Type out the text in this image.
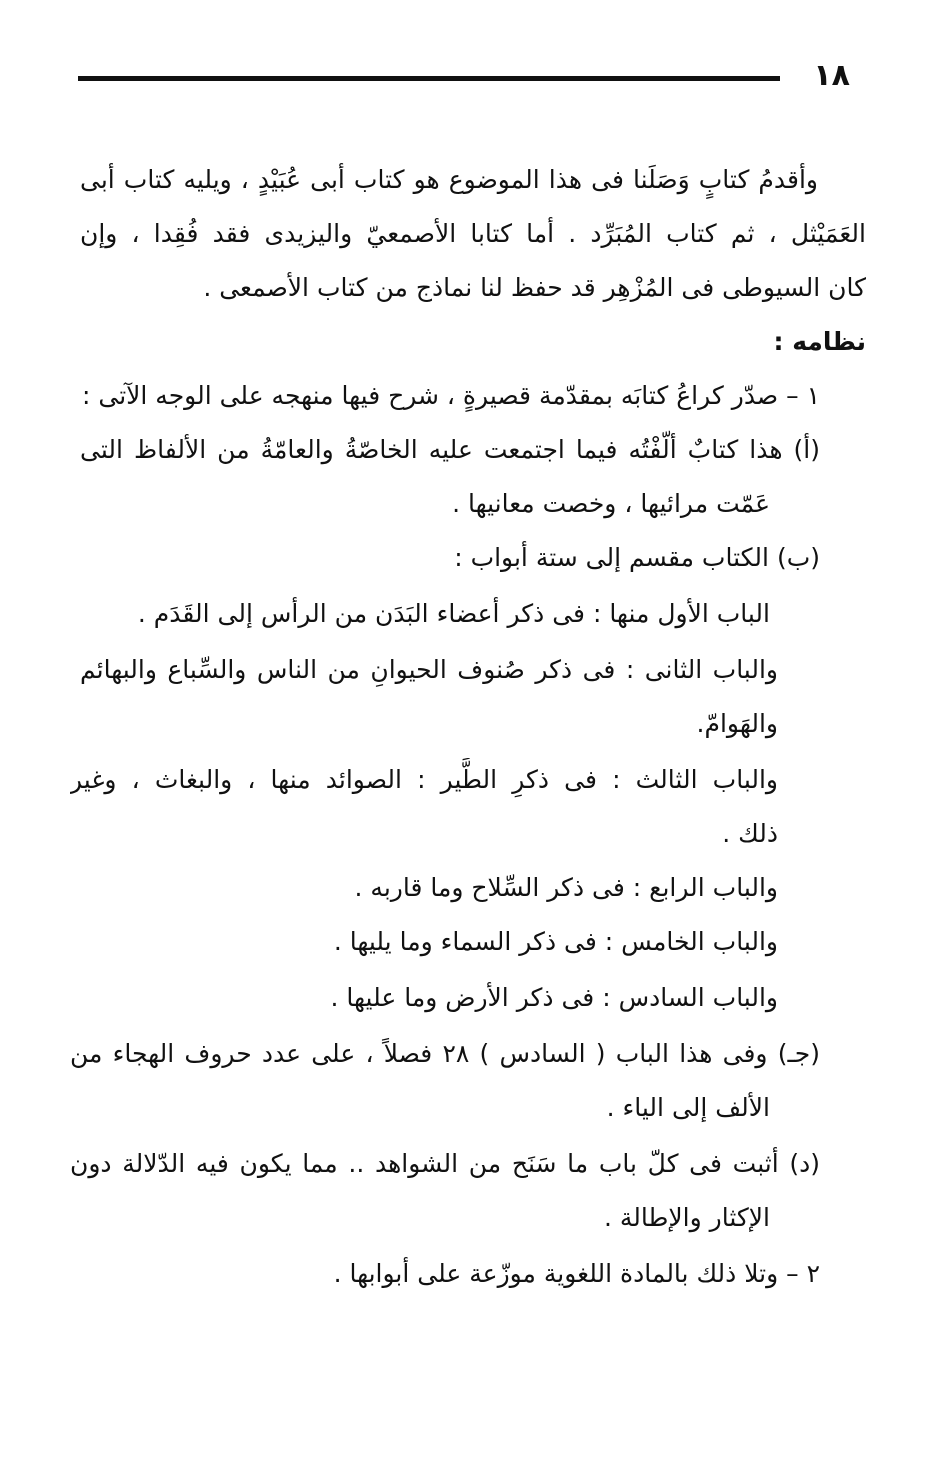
١٨
وأقدمُ كتابٍ وَصَلَنا فى هذا الموضوع هو كتاب أبى عُبَيْدٍ ، ويليه كتاب أبى
العَمَيْثل ، ثم كتاب المُبَرِّد . أما كتابا الأصمعيّ واليزيدى فقد فُقِدا ، وإن
كان السيوطى فى المُزْهِر قد حفظ لنا نماذج من كتاب الأصمعى .
نظامه :
١ – صدّر كراعُ كتابَه بمقدّمة قصيرةٍ ، شرح فيها منهجه على الوجه الآتى :
(أ) هذا كتابٌ ألّفْتُه فيما اجتمعت عليه الخاصّةُ والعامّةُ من الألفاظ التى
عَمّت مرائيها ، وخصت معانيها .
(ب) الكتاب مقسم إلى ستة أبواب :
الباب الأول منها : فى ذكر أعضاء البَدَن من الرأس إلى القَدَم .
والباب الثانى : فى ذكر صُنوف الحيوانِ من الناس والسِّباع والبهائم
والهَوامّ.
والباب الثالث : فى ذكرِ الطَّير : الصوائد منها ، والبغاث ، وغير
ذلك .
والباب الرابع : فى ذكر السِّلاح وما قاربه .
والباب الخامس : فى ذكر السماء وما يليها .
والباب السادس : فى ذكر الأرض وما عليها .
(جـ) وفى هذا الباب ( السادس ) ٢٨ فصلاً ، على عدد حروف الهجاء من
الألف إلى الياء .
(د) أثبت فى كلّ باب ما سَنَح من الشواهد .. مما يكون فيه الدّلالة دون
الإكثار والإطالة .
٢ – وتلا ذلك بالمادة اللغوية موزّعة على أبوابها .
